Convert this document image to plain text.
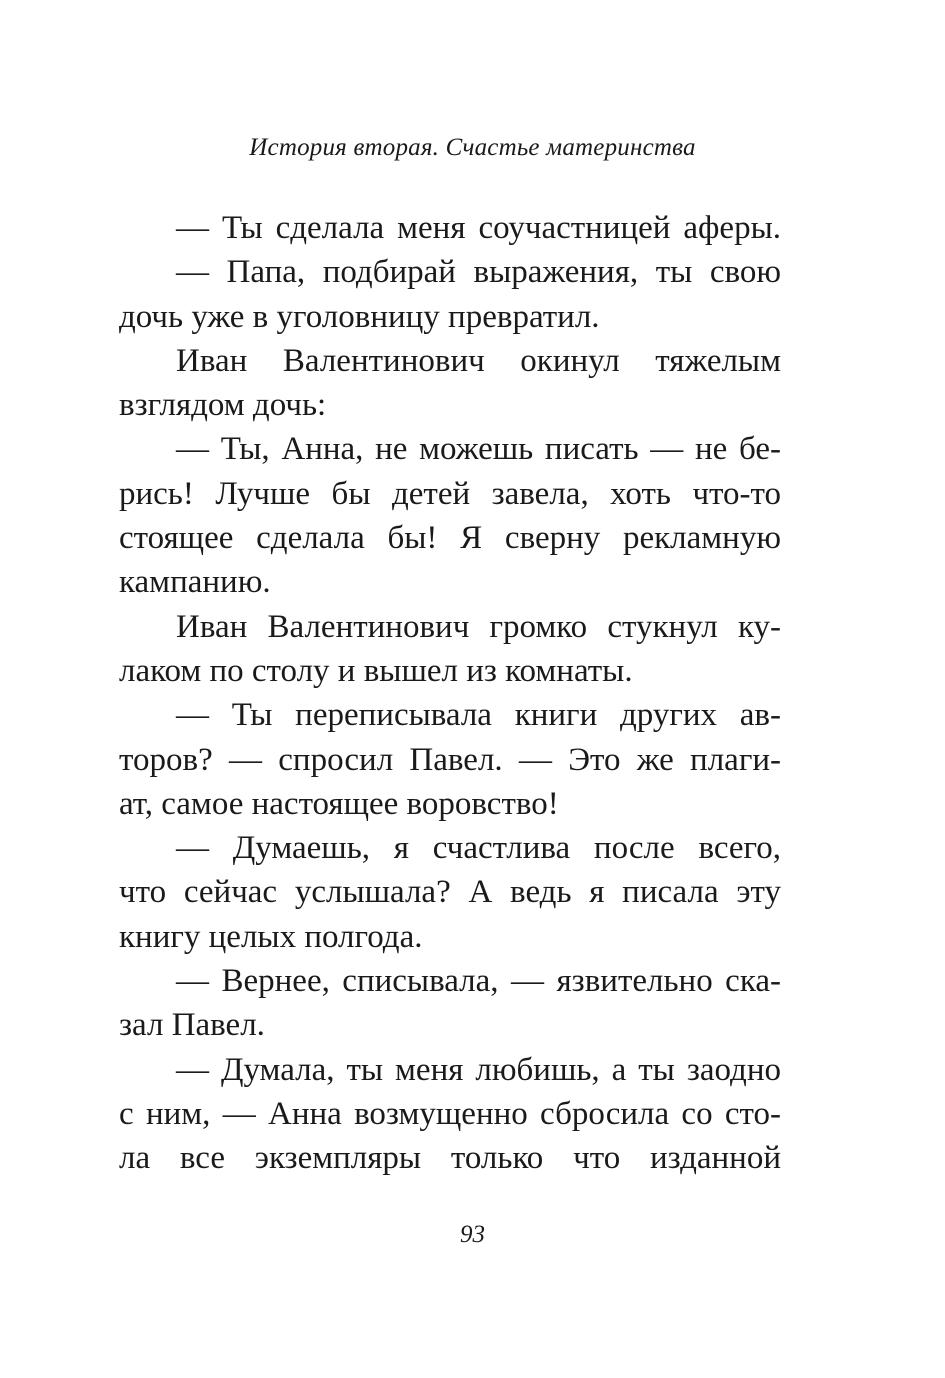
История вторая. Счастье материнства
— Ты сделала меня соучастницей аферы.
— Папа, подбирай выражения, ты свою
дочь уже в уголовницу превратил.
Иван Валентинович окинул тяжелым
взглядом дочь:
— Ты, Анна, не можешь писать — не бе-
рись! Лучше бы детей завела, хоть что-то
стоящее сделала бы! Я сверну рекламную
кампанию.
Иван Валентинович громко стукнул ку-
лаком по столу и вышел из комнаты.
— Ты переписывала книги других ав-
торов? — спросил Павел. — Это же плаги-
ат, самое настоящее воровство!
— Думаешь, я счастлива после всего,
что сейчас услышала? А ведь я писала эту
книгу целых полгода.
— Вернее, списывала, — язвительно ска-
зал Павел.
— Думала, ты меня любишь, а ты заодно
с ним, — Анна возмущенно сбросила со сто-
ла все экземпляры только что изданной
93
